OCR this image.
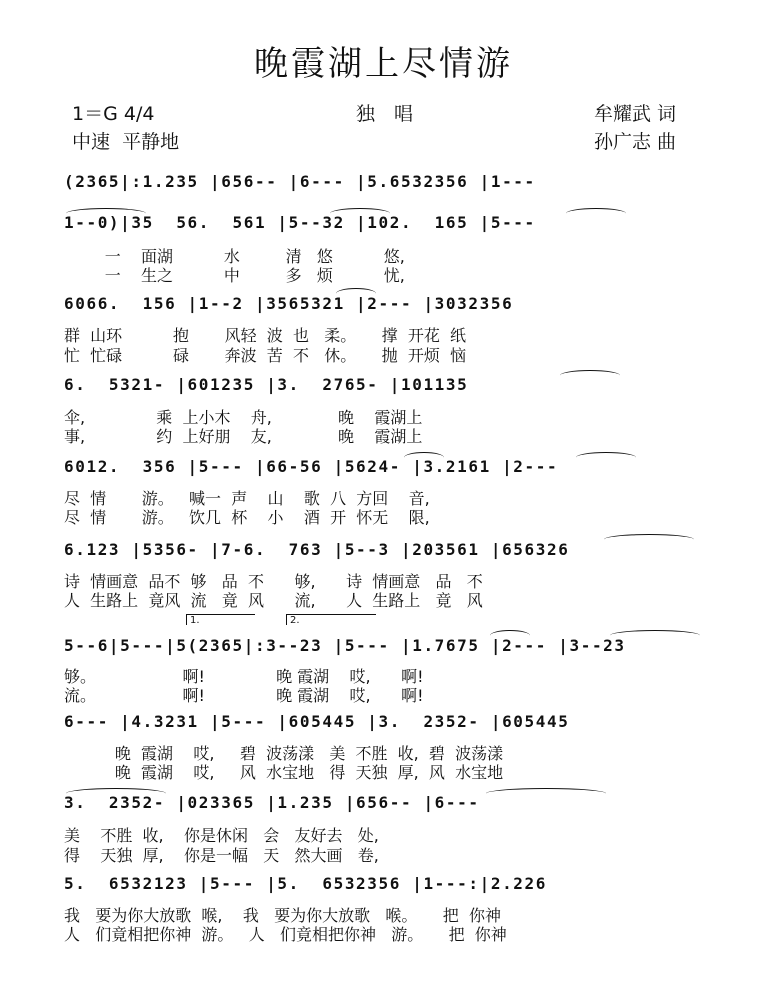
晚霞湖上尽情游
1＝G 4/4	独　唱	牟耀武 词
中速  平静地	孙广志 曲
(2365|:1.235 |656-- |6--- |5.6532356 |1---
1--0)|35  56.  561 |5--32 |102.  165 |5---
一    面湖          水         清   悠          悠,
一    生之          中         多   烦          忧,
6066.  156 |1--2 |3565321 |2--- |3032356
群  山环          抱       风轻  波  也   柔。     撑  开花  纸
忙  忙碌          碌       奔波  苦  不   休。     抛  开烦  恼
6.  5321- |601235 |3.  2765- |101135
伞,              乘  上小木    舟,             晚    霞湖上
事,              约  上好朋    友,             晚    霞湖上
6012.  356 |5--- |66-56 |5624- |3.2161 |2---
尽  情       游。   喊一  声    山    歌  八  方回    音,
尽  情       游。   饮几  杯    小    酒  开  怀无    限,
6.123 |5356- |7-6.  763 |5--3 |203561 |656326
诗  情画意  品不  够   品  不      够,      诗  情画意   品   不
人  生路上  竟风  流   竟  风      流,      人  生路上   竟   风
1.	2.
5--6|5---|5(2365|:3--23 |5--- |1.7675 |2--- |3--23
够。                 啊!              晚 霞湖    哎,      啊!
流。                 啊!              晚 霞湖    哎,      啊!
6--- |4.3231 |5--- |605445 |3.  2352- |605445
晚  霞湖    哎,     碧  波荡漾   美  不胜  收,  碧  波荡漾
晚  霞湖    哎,     风  水宝地   得  天独  厚,  风  水宝地
3.  2352- |023365 |1.235 |656-- |6---
美    不胜  收,    你是休闲   会   友好去   处,
得    天独  厚,    你是一幅   天   然大画   卷,
5.  6532123 |5--- |5.  6532356 |1---:|2.226
我   要为你大放歌  喉,    我   要为你大放歌   喉。     把  你神
人   们竟相把你神  游。   人   们竟相把你神   游。     把  你神
